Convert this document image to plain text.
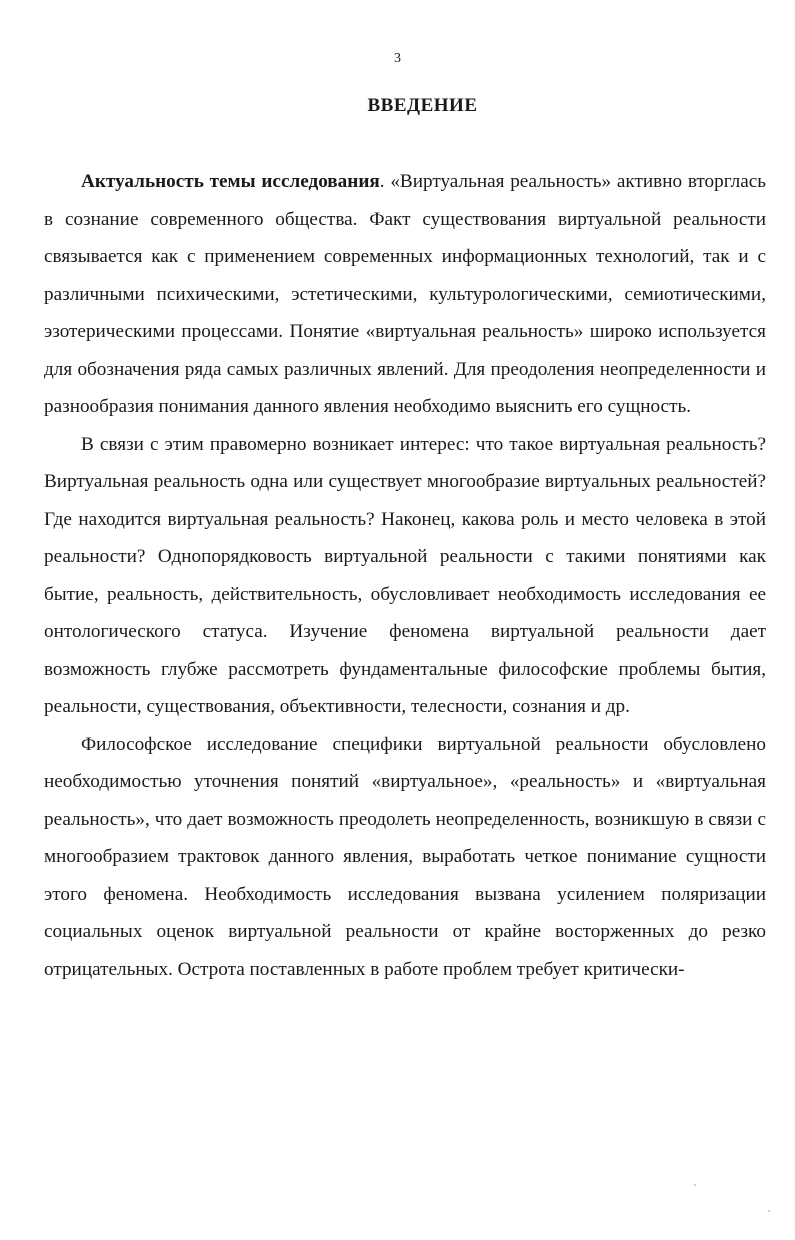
3
ВВЕДЕНИЕ

Актуальность темы исследования. «Виртуальная реальность» активно вторглась в сознание современного общества. Факт существования виртуальной реальности связывается как с применением современных информационных технологий, так и с различными психическими, эстетическими, культурологическими, семиотическими, эзотерическими процессами. Понятие «виртуальная реальность» широко используется для обозначения ряда самых различных явлений. Для преодоления неопределенности и разнообразия понимания данного явления необходимо выяснить его сущность.

В связи с этим правомерно возникает интерес: что такое виртуальная реальность? Виртуальная реальность одна или существует многообразие виртуальных реальностей? Где находится виртуальная реальность? Наконец, какова роль и место человека в этой реальности? Однопорядковость виртуальной реальности с такими понятиями как бытие, реальность, действительность, обусловливает необходимость исследования ее онтологического статуса. Изучение феномена виртуальной реальности дает возможность глубже рассмотреть фундаментальные философские проблемы бытия, реальности, существования, объективности, телесности, сознания и др.

Философское исследование специфики виртуальной реальности обусловлено необходимостью уточнения понятий «виртуальное», «реальность» и «виртуальная реальность», что дает возможность преодолеть неопределенность, возникшую в связи с многообразием трактовок данного явления, выработать четкое понимание сущности этого феномена. Необходимость исследования вызвана усилением поляризации социальных оценок виртуальной реальности от крайне восторженных до резко отрицательных. Острота поставленных в работе проблем требует критически-
